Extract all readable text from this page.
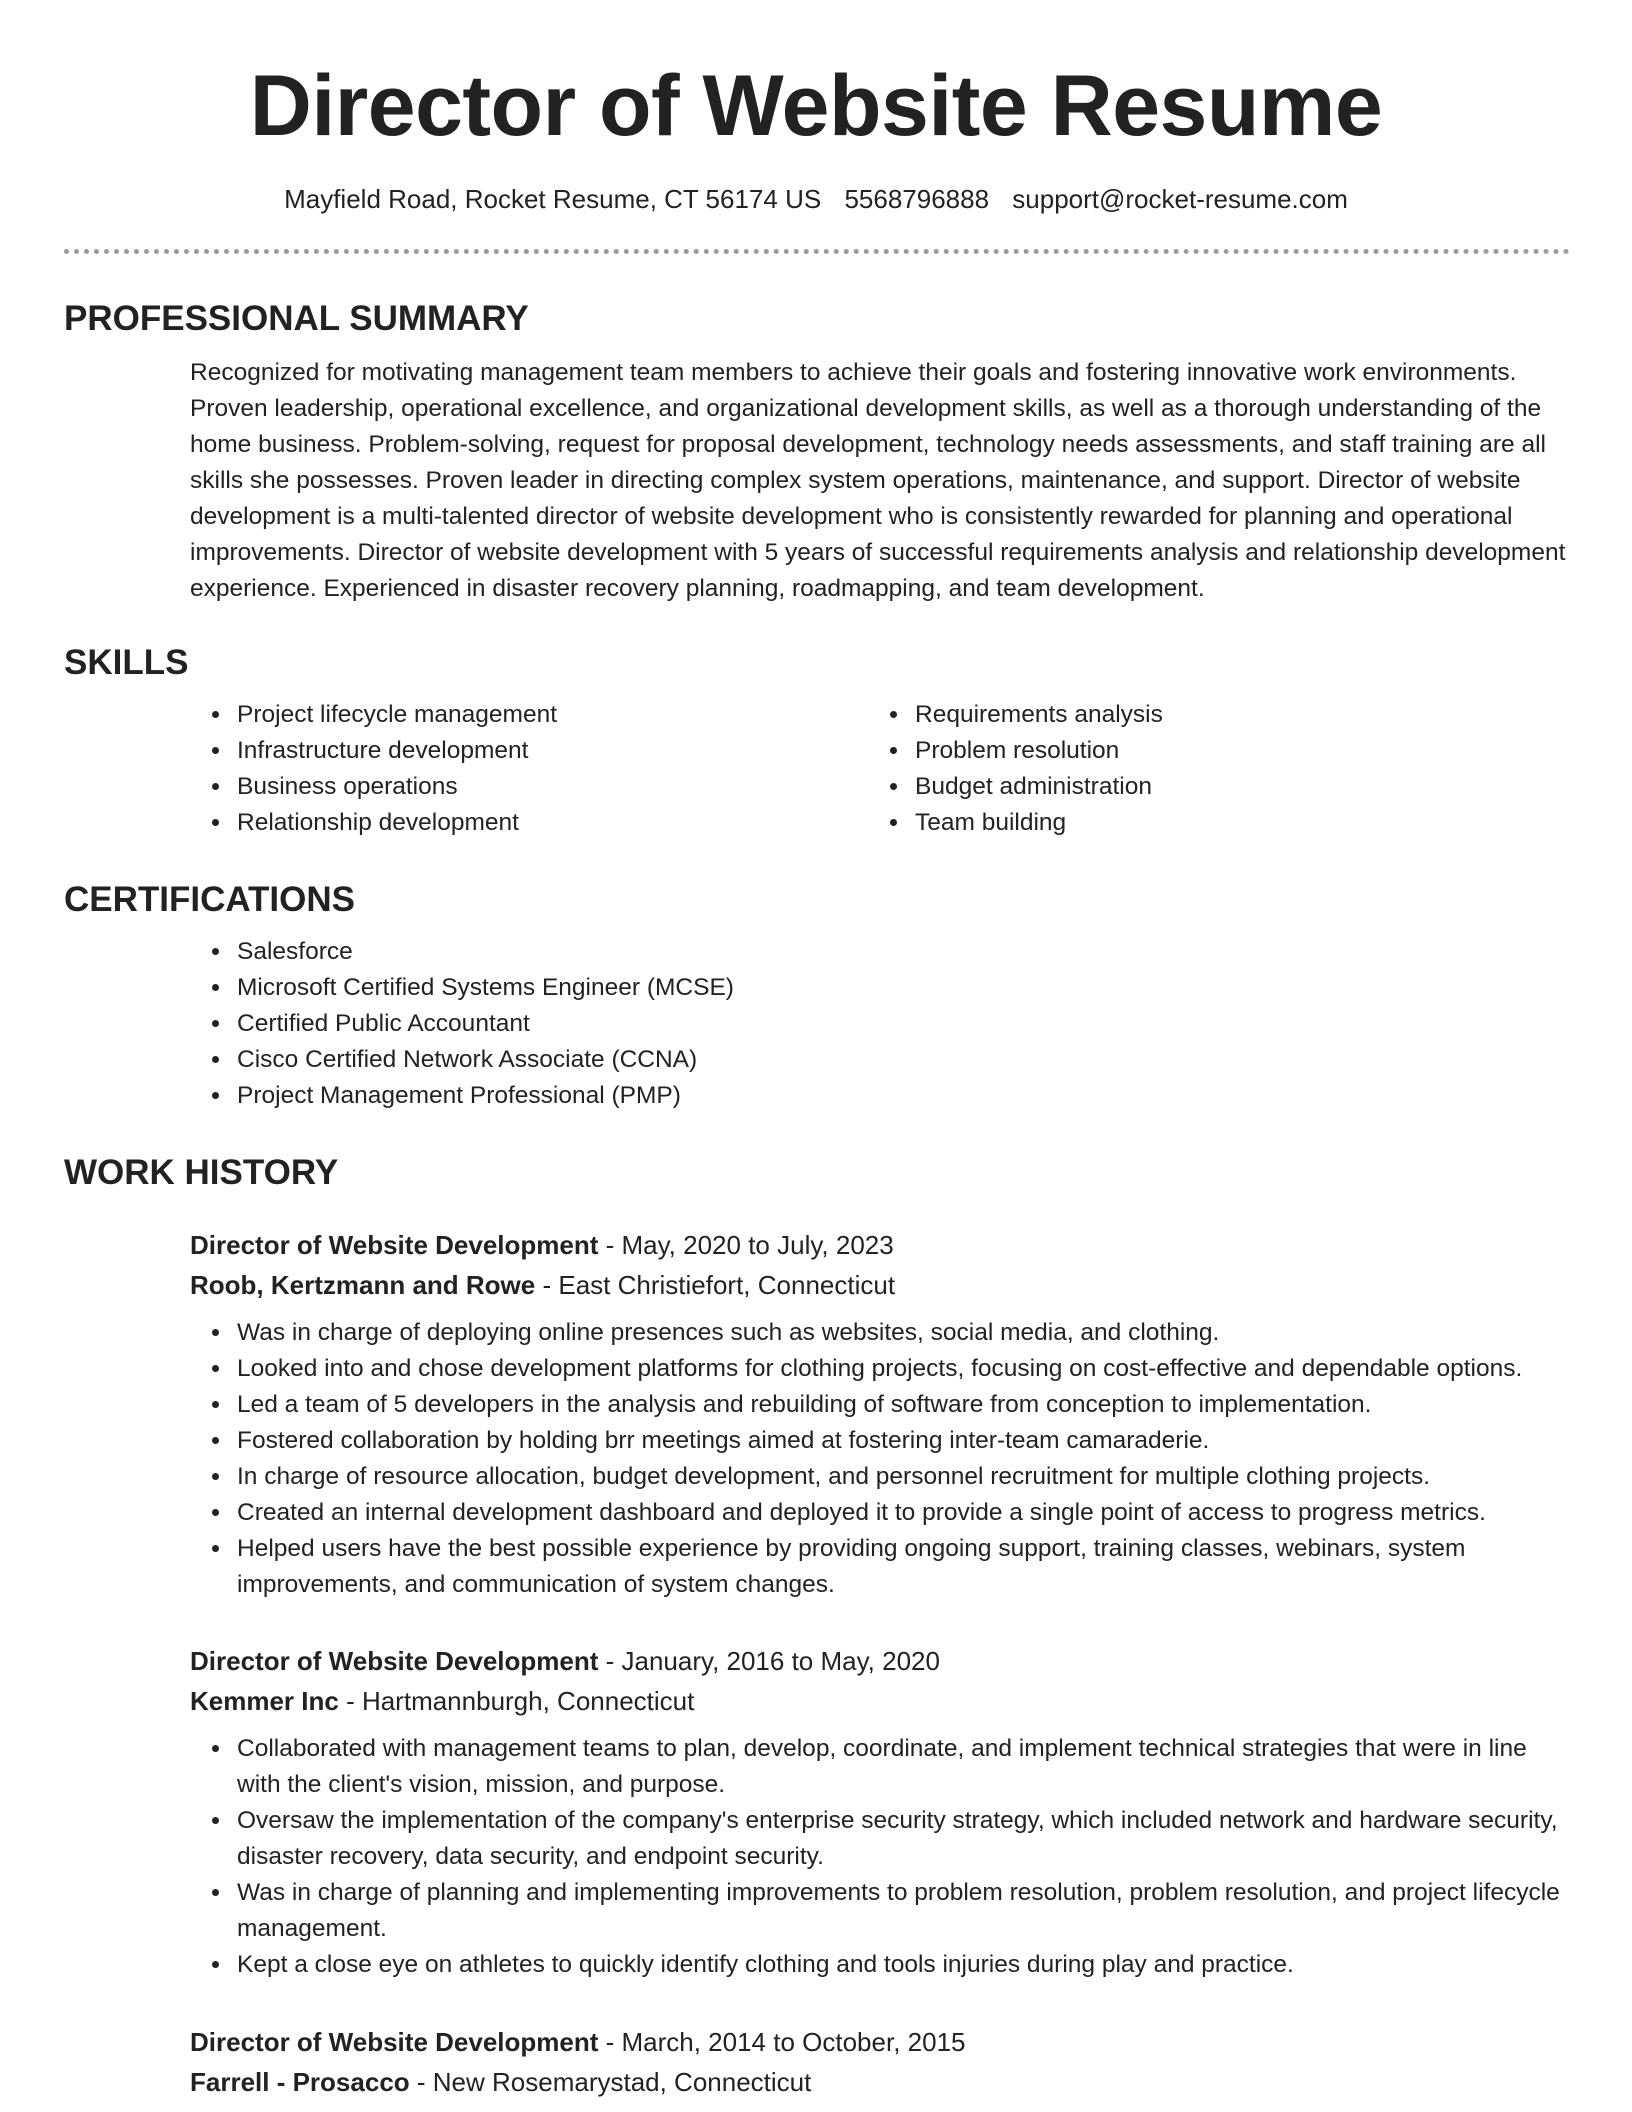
Director of Website Resume
Mayfield Road, Rocket Resume, CT 56174 US 5568796888 support@rocket-resume.com
PROFESSIONAL SUMMARY

Recognized for motivating management team members to achieve their goals and fostering innovative work environments. Proven leadership, operational excellence, and organizational development skills, as well as a thorough understanding of the home business. Problem-solving, request for proposal development, technology needs assessments, and staff training are all skills she possesses. Proven leader in directing complex system operations, maintenance, and support. Director of website development is a multi-talented director of website development who is consistently rewarded for planning and operational improvements. Director of website development with 5 years of successful requirements analysis and relationship development experience. Experienced in disaster recovery planning, roadmapping, and team development.

SKILLS
• Project lifecycle management
• Infrastructure development
• Business operations
• Relationship development
• Requirements analysis
• Problem resolution
• Budget administration
• Team building
CERTIFICATIONS
• Salesforce
• Microsoft Certified Systems Engineer (MCSE)
• Certified Public Accountant
• Cisco Certified Network Associate (CCNA)
• Project Management Professional (PMP)
WORK HISTORY
Director of Website Development - May, 2020 to July, 2023
Roob, Kertzmann and Rowe - East Christiefort, Connecticut
• Was in charge of deploying online presences such as websites, social media, and clothing.
• Looked into and chose development platforms for clothing projects, focusing on cost-effective and dependable options.
• Led a team of 5 developers in the analysis and rebuilding of software from conception to implementation.
• Fostered collaboration by holding brr meetings aimed at fostering inter-team camaraderie.
• In charge of resource allocation, budget development, and personnel recruitment for multiple clothing projects.
• Created an internal development dashboard and deployed it to provide a single point of access to progress metrics.
• Helped users have the best possible experience by providing ongoing support, training classes, webinars, system improvements, and communication of system changes.
Director of Website Development - January, 2016 to May, 2020
Kemmer Inc - Hartmannburgh, Connecticut
• Collaborated with management teams to plan, develop, coordinate, and implement technical strategies that were in line with the client's vision, mission, and purpose.
• Oversaw the implementation of the company's enterprise security strategy, which included network and hardware security, disaster recovery, data security, and endpoint security.
• Was in charge of planning and implementing improvements to problem resolution, problem resolution, and project lifecycle management.
• Kept a close eye on athletes to quickly identify clothing and tools injuries during play and practice.
Director of Website Development - March, 2014 to October, 2015
Farrell - Prosacco - New Rosemarystad, Connecticut
